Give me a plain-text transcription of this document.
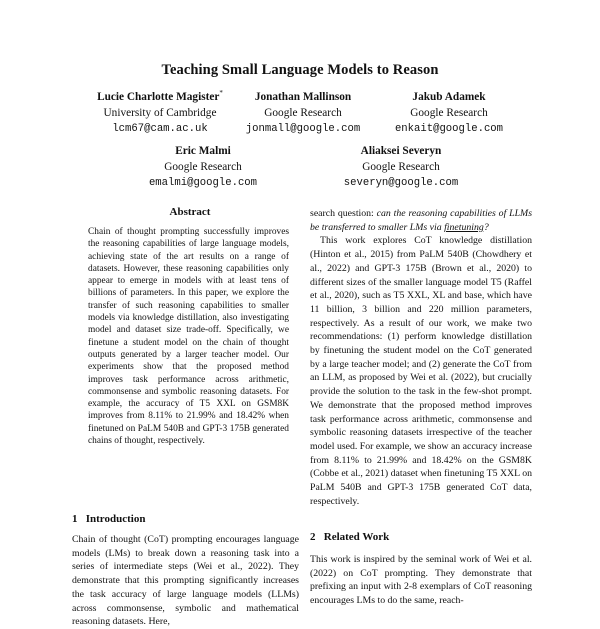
Teaching Small Language Models to Reason
Lucie Charlotte Magister*
University of Cambridge
lcm67@cam.ac.uk
Jonathan Mallinson
Google Research
jonmall@google.com
Jakub Adamek
Google Research
enkait@google.com
Eric Malmi
Google Research
emalmi@google.com
Aliaksei Severyn
Google Research
severyn@google.com
Abstract
Chain of thought prompting successfully improves the reasoning capabilities of large language models, achieving state of the art results on a range of datasets. However, these reasoning capabilities only appear to emerge in models with at least tens of billions of parameters. In this paper, we explore the transfer of such reasoning capabilities to smaller models via knowledge distillation, also investigating model and dataset size trade-off. Specifically, we finetune a student model on the chain of thought outputs generated by a larger teacher model. Our experiments show that the proposed method improves task performance across arithmetic, commonsense and symbolic reasoning datasets. For example, the accuracy of T5 XXL on GSM8K improves from 8.11% to 21.99% and 18.42% when finetuned on PaLM 540B and GPT-3 175B generated chains of thought, respectively.
1   Introduction

Chain of thought (CoT) prompting encourages language models (LMs) to break down a reasoning task into a series of intermediate steps (Wei et al., 2022). They demonstrate that this prompting significantly increases the task accuracy of large language models (LLMs) across commonsense, symbolic and mathematical reasoning datasets. Here,

search question: can the reasoning capabilities of LLMs be transferred to smaller LMs via finetuning?

This work explores CoT knowledge distillation (Hinton et al., 2015) from PaLM 540B (Chowdhery et al., 2022) and GPT-3 175B (Brown et al., 2020) to different sizes of the smaller language model T5 (Raffel et al., 2020), such as T5 XXL, XL and base, which have 11 billion, 3 billion and 220 million parameters, respectively. As a result of our work, we make two recommendations: (1) perform knowledge distillation by finetuning the student model on the CoT generated by a large teacher model; and (2) generate the CoT from an LLM, as proposed by Wei et al. (2022), but crucially provide the solution to the task in the few-shot prompt. We demonstrate that the proposed method improves task performance across arithmetic, commonsense and symbolic reasoning datasets irrespective of the teacher model used. For example, we show an accuracy increase from 8.11% to 21.99% and 18.42% on the GSM8K (Cobbe et al., 2021) dataset when finetuning T5 XXL on PaLM 540B and GPT-3 175B generated CoT data, respectively.

2   Related Work

This work is inspired by the seminal work of Wei et al. (2022) on CoT prompting. They demonstrate that prefixing an input with 2-8 exemplars of CoT reasoning encourages LMs to do the same, reach-
